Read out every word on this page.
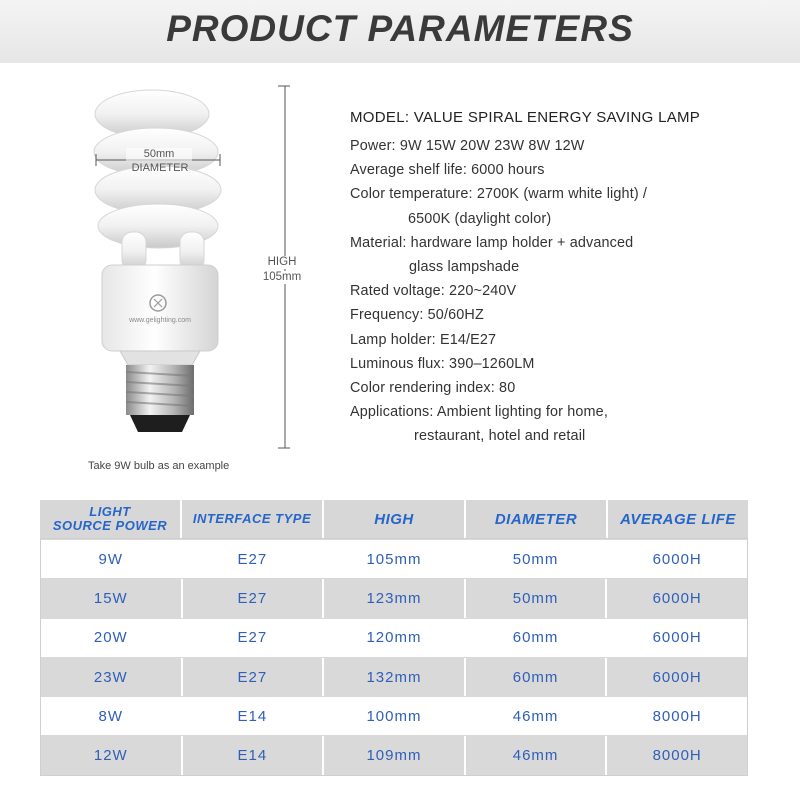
PRODUCT PARAMETERS
50mm
DIAMETER
www.gelighting.com
HIGH
105mm
Take 9W bulb as an example
MODEL: VALUE SPIRAL ENERGY SAVING LAMP
Power: 9W 15W 20W 23W 8W 12W
Average shelf life: 6000 hours
Color temperature: 2700K (warm white light) /
6500K (daylight color)
Material: hardware lamp holder + advanced
glass lampshade
Rated voltage: 220~240V
Frequency: 50/60HZ
Lamp holder: E14/E27
Luminous flux: 390–1260LM
Color rendering index: 80
Applications: Ambient lighting for home,
restaurant, hotel and retail
LIGHT
SOURCE POWER	INTERFACE TYPE	HIGH	DIAMETER	AVERAGE LIFE
9W	E27	105mm	50mm	6000H
15W	E27	123mm	50mm	6000H
20W	E27	120mm	60mm	6000H
23W	E27	132mm	60mm	6000H
8W	E14	100mm	46mm	8000H
12W	E14	109mm	46mm	8000H
